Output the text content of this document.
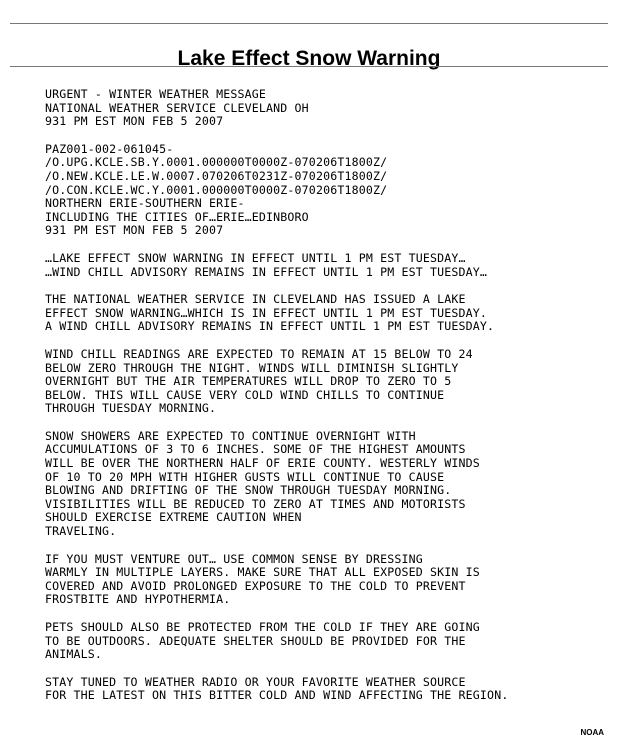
Lake Effect Snow Warning
URGENT - WINTER WEATHER MESSAGE
NATIONAL WEATHER SERVICE CLEVELAND OH
931 PM EST MON FEB 5 2007
PAZ001-002-061045-
/O.UPG.KCLE.SB.Y.0001.000000T0000Z-070206T1800Z/
/O.NEW.KCLE.LE.W.0007.070206T0231Z-070206T1800Z/
/O.CON.KCLE.WC.Y.0001.000000T0000Z-070206T1800Z/
NORTHERN ERIE-SOUTHERN ERIE-
INCLUDING THE CITIES OF…ERIE…EDINBORO
931 PM EST MON FEB 5 2007
…LAKE EFFECT SNOW WARNING IN EFFECT UNTIL 1 PM EST TUESDAY…
…WIND CHILL ADVISORY REMAINS IN EFFECT UNTIL 1 PM EST TUESDAY…
THE NATIONAL WEATHER SERVICE IN CLEVELAND HAS ISSUED A LAKE
EFFECT SNOW WARNING…WHICH IS IN EFFECT UNTIL 1 PM EST TUESDAY.
A WIND CHILL ADVISORY REMAINS IN EFFECT UNTIL 1 PM EST TUESDAY.
WIND CHILL READINGS ARE EXPECTED TO REMAIN AT 15 BELOW TO 24
BELOW ZERO THROUGH THE NIGHT. WINDS WILL DIMINISH SLIGHTLY
OVERNIGHT BUT THE AIR TEMPERATURES WILL DROP TO ZERO TO 5
BELOW. THIS WILL CAUSE VERY COLD WIND CHILLS TO CONTINUE
THROUGH TUESDAY MORNING.
SNOW SHOWERS ARE EXPECTED TO CONTINUE OVERNIGHT WITH
ACCUMULATIONS OF 3 TO 6 INCHES. SOME OF THE HIGHEST AMOUNTS
WILL BE OVER THE NORTHERN HALF OF ERIE COUNTY. WESTERLY WINDS
OF 10 TO 20 MPH WITH HIGHER GUSTS WILL CONTINUE TO CAUSE
BLOWING AND DRIFTING OF THE SNOW THROUGH TUESDAY MORNING.
VISIBILITIES WILL BE REDUCED TO ZERO AT TIMES AND MOTORISTS
SHOULD EXERCISE EXTREME CAUTION WHEN
TRAVELING.
IF YOU MUST VENTURE OUT… USE COMMON SENSE BY DRESSING
WARMLY IN MULTIPLE LAYERS. MAKE SURE THAT ALL EXPOSED SKIN IS
COVERED AND AVOID PROLONGED EXPOSURE TO THE COLD TO PREVENT
FROSTBITE AND HYPOTHERMIA.
PETS SHOULD ALSO BE PROTECTED FROM THE COLD IF THEY ARE GOING
TO BE OUTDOORS. ADEQUATE SHELTER SHOULD BE PROVIDED FOR THE
ANIMALS.
STAY TUNED TO WEATHER RADIO OR YOUR FAVORITE WEATHER SOURCE
FOR THE LATEST ON THIS BITTER COLD AND WIND AFFECTING THE REGION.
NOAA
